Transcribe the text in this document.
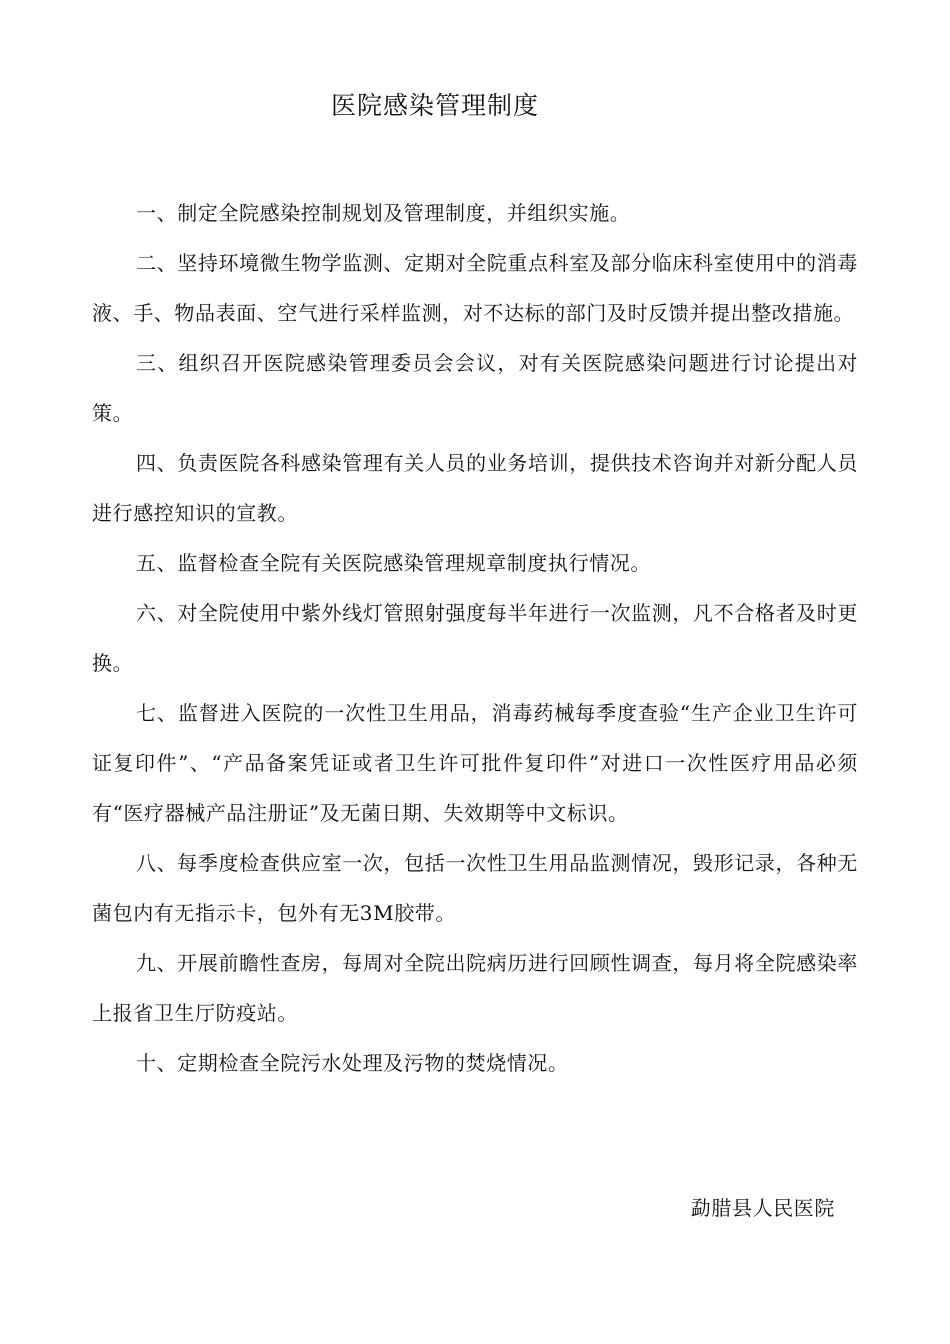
医院感染管理制度

一、制定全院感染控制规划及管理制度，并组织实施。

二、坚持环境微生物学监测、定期对全院重点科室及部分临床科室使用中的消毒液、手、物品表面、空气进行采样监测，对不达标的部门及时反馈并提出整改措施。

三、组织召开医院感染管理委员会会议，对有关医院感染问题进行讨论提出对策。

四、负责医院各科感染管理有关人员的业务培训，提供技术咨询并对新分配人员进行感控知识的宣教。

五、监督检查全院有关医院感染管理规章制度执行情况。

六、对全院使用中紫外线灯管照射强度每半年进行一次监测，凡不合格者及时更换。

七、监督进入医院的一次性卫生用品，消毒药械每季度查验“生产企业卫生许可证复印件”、“产品备案凭证或者卫生许可批件复印件”对进口一次性医疗用品必须有“医疗器械产品注册证”及无菌日期、失效期等中文标识。

八、每季度检查供应室一次，包括一次性卫生用品监测情况，毁形记录，各种无菌包内有无指示卡，包外有无3M胶带。

九、开展前瞻性查房，每周对全院出院病历进行回顾性调查，每月将全院感染率上报省卫生厅防疫站。

十、定期检查全院污水处理及污物的焚烧情况。

勐腊县人民医院
